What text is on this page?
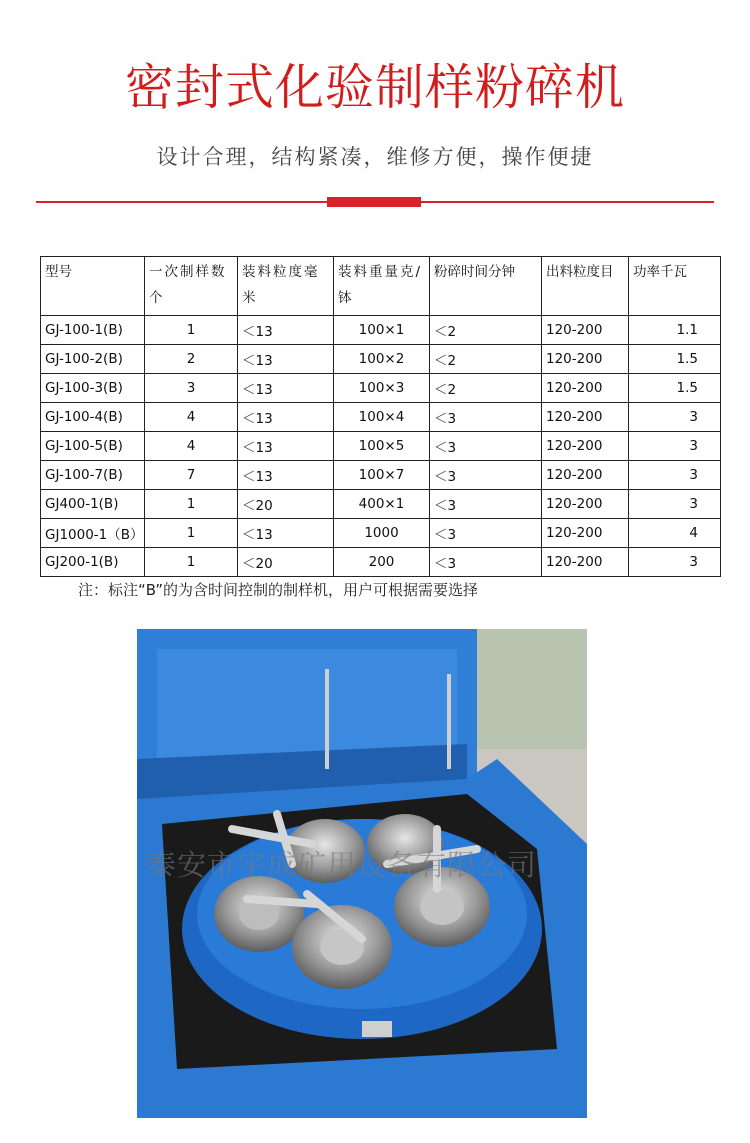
密封式化验制样粉碎机
设计合理，结构紧凑，维修方便，操作便捷
型号	一次制样数个	装料粒度毫米	装料重量克/钵	粉碎时间分钟	出料粒度目	功率千瓦
GJ-100-1(B)	1	＜13	100×1	＜2	120-200	1.1
GJ-100-2(B)	2	＜13	100×2	＜2	120-200	1.5
GJ-100-3(B)	3	＜13	100×3	＜2	120-200	1.5
GJ-100-4(B)	4	＜13	100×4	＜3	120-200	3
GJ-100-5(B)	4	＜13	100×5	＜3	120-200	3
GJ-100-7(B)	7	＜13	100×7	＜3	120-200	3
GJ400-1(B)	1	＜20	400×1	＜3	120-200	3
GJ1000-1（B）	1	＜13	1000	＜3	120-200	4
GJ200-1(B)	1	＜20	200	＜3	120-200	3
注：标注“B”的为含时间控制的制样机，用户可根据需要选择
泰安市宇成矿用设备有限公司
